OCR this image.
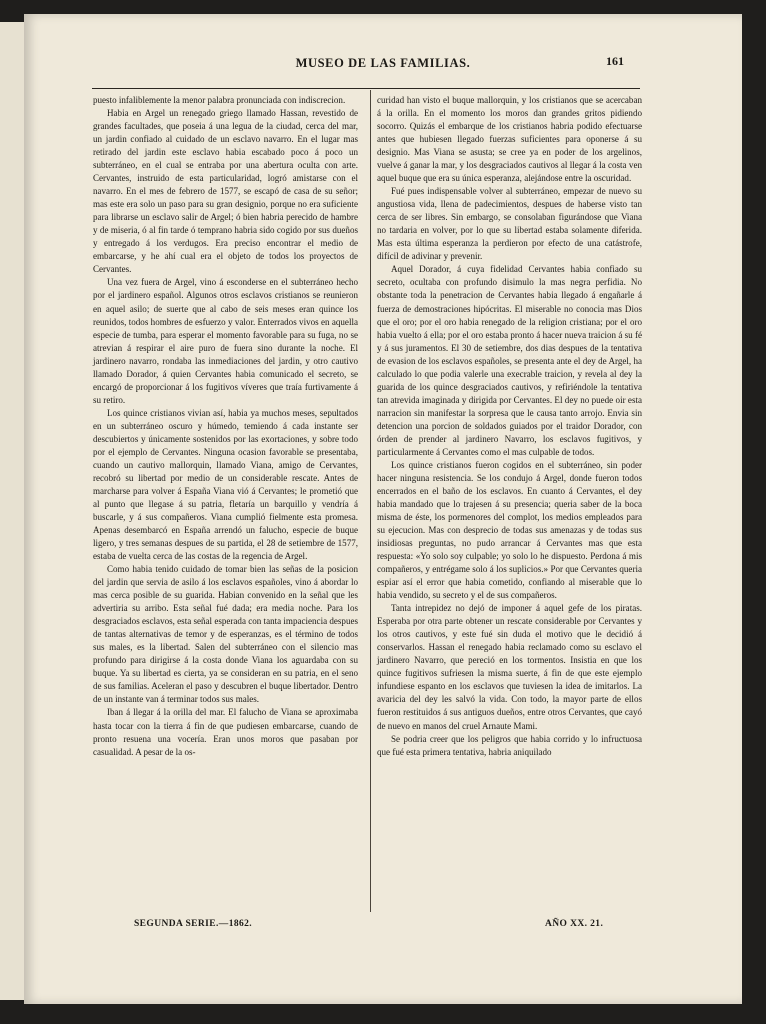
MUSEO DE LAS FAMILIAS.	161

puesto infaliblemente la menor palabra pronunciada con indiscrecion.

Habia en Argel un renegado griego llamado Hassan, revestido de grandes facultades, que poseia á una legua de la ciudad, cerca del mar, un jardin confiado al cuidado de un esclavo navarro. En el lugar mas retirado del jardin este esclavo habia escabado poco á poco un subterráneo, en el cual se entraba por una abertura oculta con arte. Cervantes, instruido de esta particularidad, logró amistarse con el navarro. En el mes de febrero de 1577, se escapó de casa de su señor; mas este era solo un paso para su gran designio, porque no era suficiente para librarse un esclavo salir de Argel; ó bien habria perecido de hambre y de miseria, ó al fin tarde ó temprano habria sido cogido por sus dueños y entregado á los verdugos. Era preciso encontrar el medio de embarcarse, y he ahí cual era el objeto de todos los proyectos de Cervantes.

Una vez fuera de Argel, vino á esconderse en el subterráneo hecho por el jardinero español. Algunos otros esclavos cristianos se reunieron en aquel asilo; de suerte que al cabo de seis meses eran quince los reunidos, todos hombres de esfuerzo y valor. Enterrados vivos en aquella especie de tumba, para esperar el momento favorable para su fuga, no se atrevian á respirar el aire puro de fuera sino durante la noche. El jardinero navarro, rondaba las inmediaciones del jardin, y otro cautivo llamado Dorador, á quien Cervantes habia comunicado el secreto, se encargó de proporcionar á los fugitivos víveres que traía furtivamente á su retiro.

Los quince cristianos vivian así, habia ya muchos meses, sepultados en un subterráneo oscuro y húmedo, temiendo á cada instante ser descubiertos y únicamente sostenidos por las exortaciones, y sobre todo por el ejemplo de Cervantes. Ninguna ocasion favorable se presentaba, cuando un cautivo mallorquin, llamado Viana, amigo de Cervantes, recobró su libertad por medio de un considerable rescate. Antes de marcharse para volver á España Viana vió á Cervantes; le prometió que al punto que llegase á su patria, fletaría un barquillo y vendría á buscarle, y á sus compañeros. Viana cumplió fielmente esta promesa. Apenas desembarcó en España arrendó un falucho, especie de buque ligero, y tres semanas despues de su partida, el 28 de setiembre de 1577, estaba de vuelta cerca de las costas de la regencia de Argel.

Como habia tenido cuidado de tomar bien las señas de la posicion del jardin que servia de asilo á los esclavos españoles, vino á abordar lo mas cerca posible de su guarida. Habian convenido en la señal que les advertiria su arribo. Esta señal fué dada; era media noche. Para los desgraciados esclavos, esta señal esperada con tanta impaciencia despues de tantas alternativas de temor y de esperanzas, es el término de todos sus males, es la libertad. Salen del subterráneo con el silencio mas profundo para dirigirse á la costa donde Viana los aguardaba con su buque. Ya su libertad es cierta, ya se consideran en su patria, en el seno de sus familias. Aceleran el paso y descubren el buque libertador. Dentro de un instante van á terminar todos sus males.

Iban á llegar á la orilla del mar. El falucho de Viana se aproximaba hasta tocar con la tierra á fin de que pudiesen embarcarse, cuando de pronto resuena una vocería. Eran unos moros que pasaban por casualidad. A pesar de la os-

curidad han visto el buque mallorquin, y los cristianos que se acercaban á la orilla. En el momento los moros dan grandes gritos pidiendo socorro. Quizás el embarque de los cristianos habria podido efectuarse antes que hubiesen llegado fuerzas suficientes para oponerse á su designio. Mas Viana se asusta; se cree ya en poder de los argelinos, vuelve á ganar la mar, y los desgraciados cautivos al llegar á la costa ven aquel buque que era su única esperanza, alejándose entre la oscuridad.

Fué pues indispensable volver al subterráneo, empezar de nuevo su angustiosa vida, llena de padecimientos, despues de haberse visto tan cerca de ser libres. Sin embargo, se consolaban figurándose que Viana no tardaria en volver, por lo que su libertad estaba solamente diferida. Mas esta última esperanza la perdieron por efecto de una catástrofe, difícil de adivinar y prevenir.

Aquel Dorador, á cuya fidelidad Cervantes habia confiado su secreto, ocultaba con profundo disimulo la mas negra perfidia. No obstante toda la penetracion de Cervantes habia llegado á engañarle á fuerza de demostraciones hipócritas. El miserable no conocia mas Dios que el oro; por el oro habia renegado de la religion cristiana; por el oro habia vuelto á ella; por el oro estaba pronto á hacer nueva traicion á su fé y á sus juramentos. El 30 de setiembre, dos dias despues de la tentativa de evasion de los esclavos españoles, se presenta ante el dey de Argel, ha calculado lo que podia valerle una execrable traicion, y revela al dey la guarida de los quince desgraciados cautivos, y refiriéndole la tentativa tan atrevida imaginada y dirigida por Cervantes. El dey no puede oir esta narracion sin manifestar la sorpresa que le causa tanto arrojo. Envia sin detencion una porcion de soldados guiados por el traidor Dorador, con órden de prender al jardinero Navarro, los esclavos fugitivos, y particularmente á Cervantes como el mas culpable de todos.

Los quince cristianos fueron cogidos en el subterráneo, sin poder hacer ninguna resistencia. Se los condujo á Argel, donde fueron todos encerrados en el baño de los esclavos. En cuanto á Cervantes, el dey habia mandado que lo trajesen á su presencia; queria saber de la boca misma de éste, los pormenores del complot, los medios empleados para su ejecucion. Mas con desprecio de todas sus amenazas y de todas sus insidiosas preguntas, no pudo arrancar á Cervantes mas que esta respuesta: «Yo solo soy culpable; yo solo lo he dispuesto. Perdona á mis compañeros, y entrégame solo á los suplicios.» Por que Cervantes queria espiar así el error que habia cometido, confiando al miserable que lo habia vendido, su secreto y el de sus compañeros.

Tanta intrepidez no dejó de imponer á aquel gefe de los piratas. Esperaba por otra parte obtener un rescate considerable por Cervantes y los otros cautivos, y este fué sin duda el motivo que le decidió á conservarlos. Hassan el renegado habia reclamado como su esclavo el jardinero Navarro, que pereció en los tormentos. Insistia en que los quince fugitivos sufriesen la misma suerte, á fin de que este ejemplo infundiese espanto en los esclavos que tuviesen la idea de imitarlos. La avaricia del dey les salvó la vida. Con todo, la mayor parte de ellos fueron restituidos á sus antiguos dueños, entre otros Cervantes, que cayó de nuevo en manos del cruel Arnaute Mami.

Se podria creer que los peligros que habia corrido y lo infructuosa que fué esta primera tentativa, habria aniquilado

SEGUNDA SERIE.—1862.	AÑO XX. 21.
